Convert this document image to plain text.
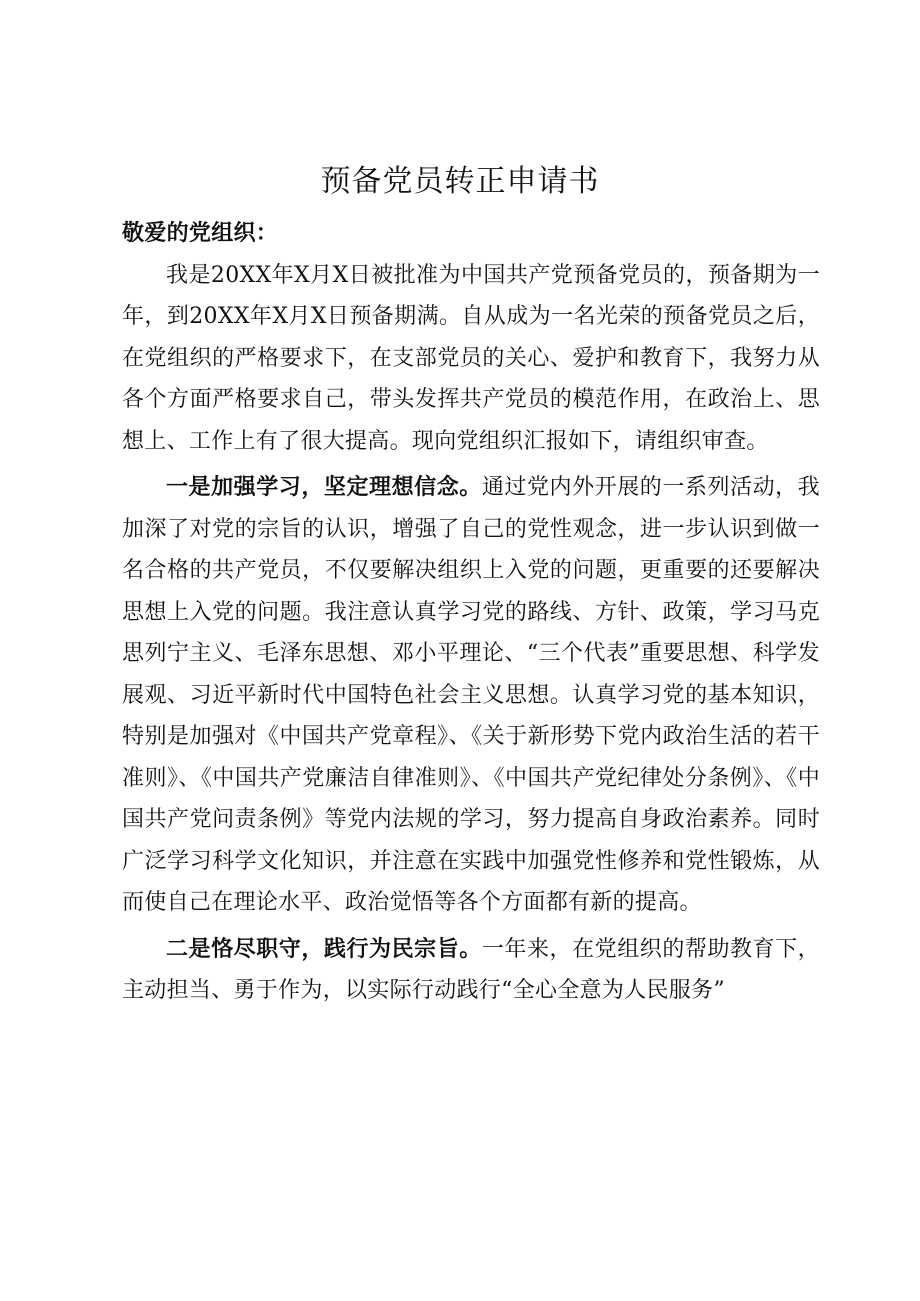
预备党员转正申请书

敬爱的党组织：

我是20XX年X月X日被批准为中国共产党预备党员的，预备期为一年，到20XX年X月X日预备期满。自从成为一名光荣的预备党员之后，在党组织的严格要求下，在支部党员的关心、爱护和教育下，我努力从各个方面严格要求自己，带头发挥共产党员的模范作用，在政治上、思想上、工作上有了很大提高。现向党组织汇报如下，请组织审查。

一是加强学习，坚定理想信念。通过党内外开展的一系列活动，我加深了对党的宗旨的认识，增强了自己的党性观念，进一步认识到做一名合格的共产党员，不仅要解决组织上入党的问题，更重要的还要解决思想上入党的问题。我注意认真学习党的路线、方针、政策，学习马克思列宁主义、毛泽东思想、邓小平理论、“三个代表”重要思想、科学发展观、习近平新时代中国特色社会主义思想。认真学习党的基本知识，特别是加强对《中国共产党章程》、《关于新形势下党内政治生活的若干准则》、《中国共产党廉洁自律准则》、《中国共产党纪律处分条例》、《中国共产党问责条例》等党内法规的学习，努力提高自身政治素养。同时广泛学习科学文化知识，并注意在实践中加强党性修养和党性锻炼，从而使自己在理论水平、政治觉悟等各个方面都有新的提高。

二是恪尽职守，践行为民宗旨。一年来，在党组织的帮助教育下，主动担当、勇于作为，以实际行动践行“全心全意为人民服务”
